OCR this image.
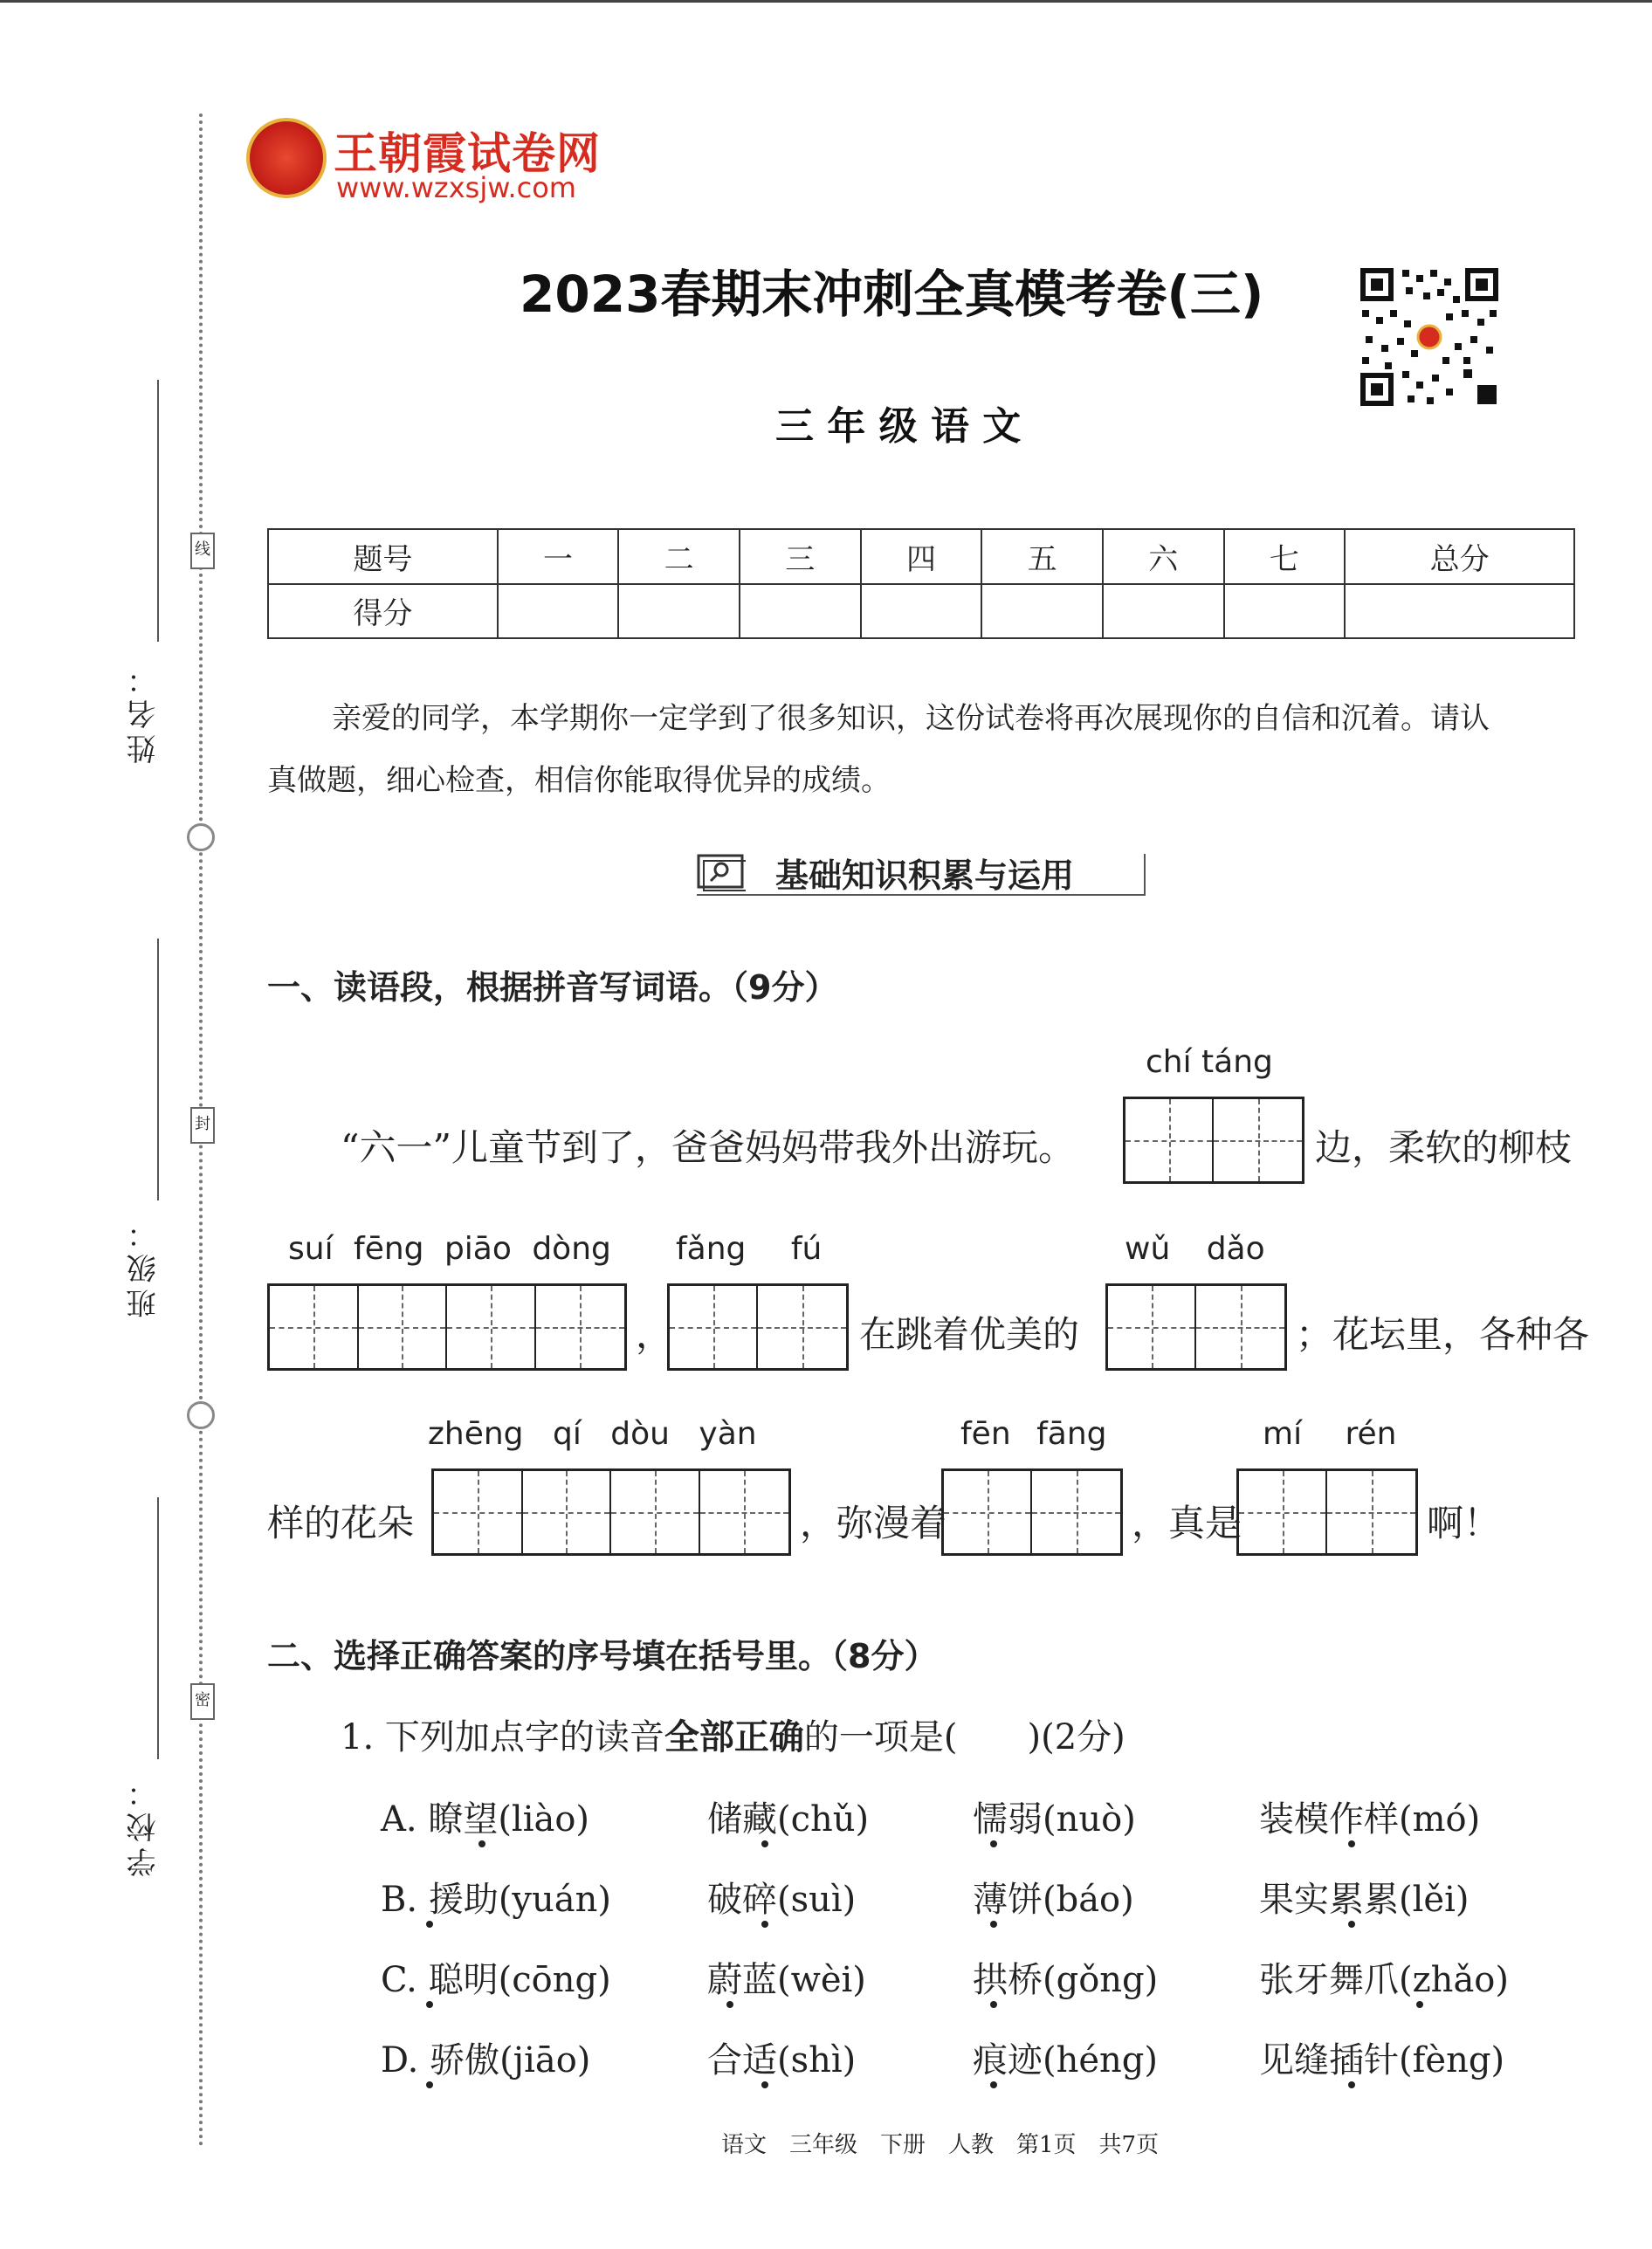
姓名：
班级：
学校：
线
封
密
王朝霞试卷网
www.wzxsjw.com
2023春期末冲刺全真模考卷(三)
三 年 级 语 文
题号	一	二	三	四	五	六	七	总分
得分								
亲爱的同学，本学期你一定学到了很多知识，这份试卷将再次展现你的自信和沉着。请认
真做题，细心检查，相信你能取得优异的成绩。
基础知识积累与运用
一、读语段，根据拼音写词语。（9分）
chí táng
“六一”儿童节到了，爸爸妈妈带我外出游玩。	边，柔软的柳枝
suí fēng piāo dòng fǎng fú	wǔ dǎo
，	在跳着优美的	；花坛里，各种各
zhēng qí dòu yàn	fēn fāng	mí rén
样的花朵	，弥漫着	，真是	啊！
二、选择正确答案的序号填在括号里。（8分）
1. 下列加点字的读音全部正确的一项是(　　)(2分)
A. 瞭望(liào)	储藏(chǔ)	懦弱(nuò)	装模作样(mó)
B. 援助(yuán)	破碎(suì)	薄饼(báo)	果实累累(lěi)
C. 聪明(cōng)	蔚蓝(wèi)	拱桥(gǒng)	张牙舞爪(zhǎo)
D. 骄傲(jiāo)	合适(shì)	痕迹(héng)	见缝插针(fèng)
语文　三年级　下册　人教　第1页　共7页
